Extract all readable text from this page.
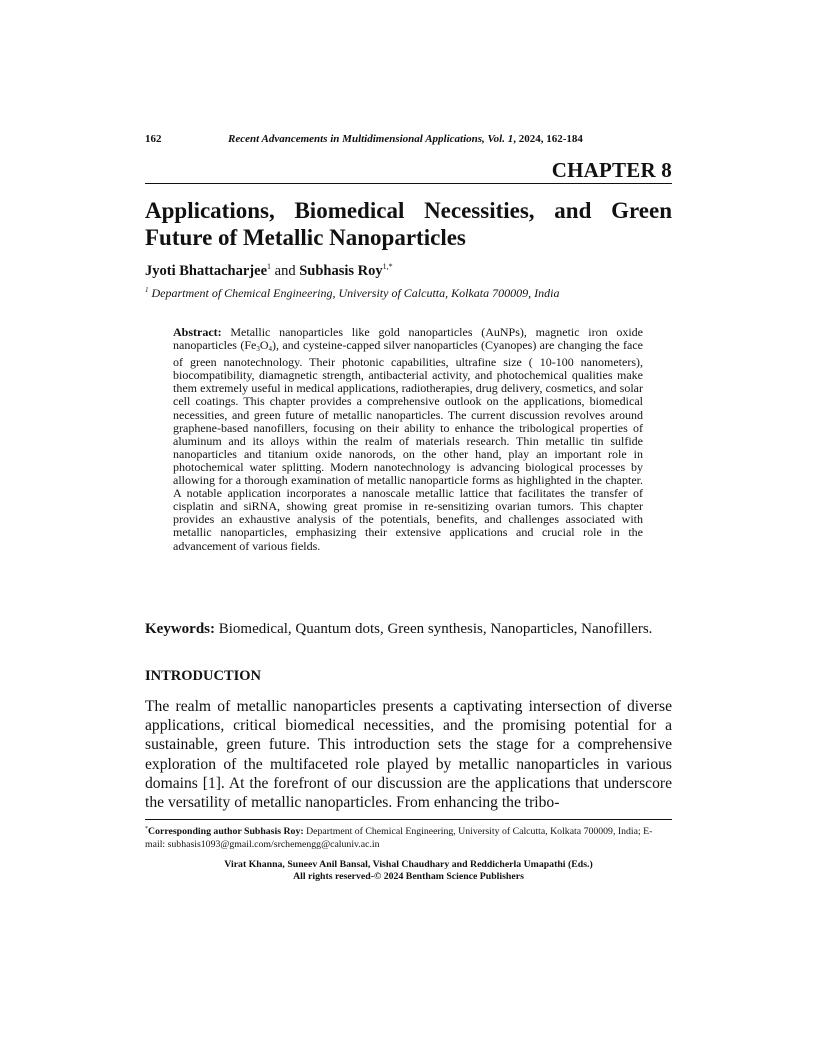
162	Recent Advancements in Multidimensional Applications, Vol. 1, 2024, 162-184
CHAPTER 8
Applications, Biomedical Necessities, and Green
Future of Metallic Nanoparticles
Jyoti Bhattacharjee$^1$ and Subhasis Roy$^{1,*}$
$^1$ Department of Chemical Engineering, University of Calcutta, Kolkata 700009, India
Abstract: Metallic nanoparticles like gold nanoparticles (AuNPs), magnetic iron oxide nanoparticles $(Fe_3O_4)$, and cysteine-capped silver nanoparticles (Cyanopes) are changing the face of green nanotechnology. Their photonic capabilities, ultrafine size ( 10-100 nanometers), biocompatibility, diamagnetic strength, antibacterial activity, and photochemical qualities make them extremely useful in medical applications, radiotherapies, drug delivery, cosmetics, and solar cell coatings. This chapter provides a comprehensive outlook on the applications, biomedical necessities, and green future of metallic nanoparticles. The current discussion revolves around graphene-based nanofillers, focusing on their ability to enhance the tribological properties of aluminum and its alloys within the realm of materials research. Thin metallic tin sulfide nanoparticles and titanium oxide nanorods, on the other hand, play an important role in photochemical water splitting. Modern nanotechnology is advancing biological processes by allowing for a thorough examination of metallic nanoparticle forms as highlighted in the chapter. A notable application incorporates a nanoscale metallic lattice that facilitates the transfer of cisplatin and siRNA, showing great promise in re-sensitizing ovarian tumors. This chapter provides an exhaustive analysis of the potentials, benefits, and challenges associated with metallic nanoparticles, emphasizing their extensive applications and crucial role in the advancement of various fields.
Keywords: Biomedical, Quantum dots, Green synthesis, Nanoparticles, Nanofillers.
INTRODUCTION
The realm of metallic nanoparticles presents a captivating intersection of diverse applications, critical biomedical necessities, and the promising potential for a sustainable, green future. This introduction sets the stage for a comprehensive exploration of the multifaceted role played by metallic nanoparticles in various domains [1]. At the forefront of our discussion are the applications that underscore the versatility of metallic nanoparticles. From enhancing the tribo-
*Corresponding author Subhasis Roy: Department of Chemical Engineering, University of Calcutta, Kolkata 700009, India; E-mail: subhasis1093@gmail.com/srchemengg@caluniv.ac.in
Virat Khanna, Suneev Anil Bansal, Vishal Chaudhary and Reddicherla Umapathi (Eds.)
All rights reserved-© 2024 Bentham Science Publishers
